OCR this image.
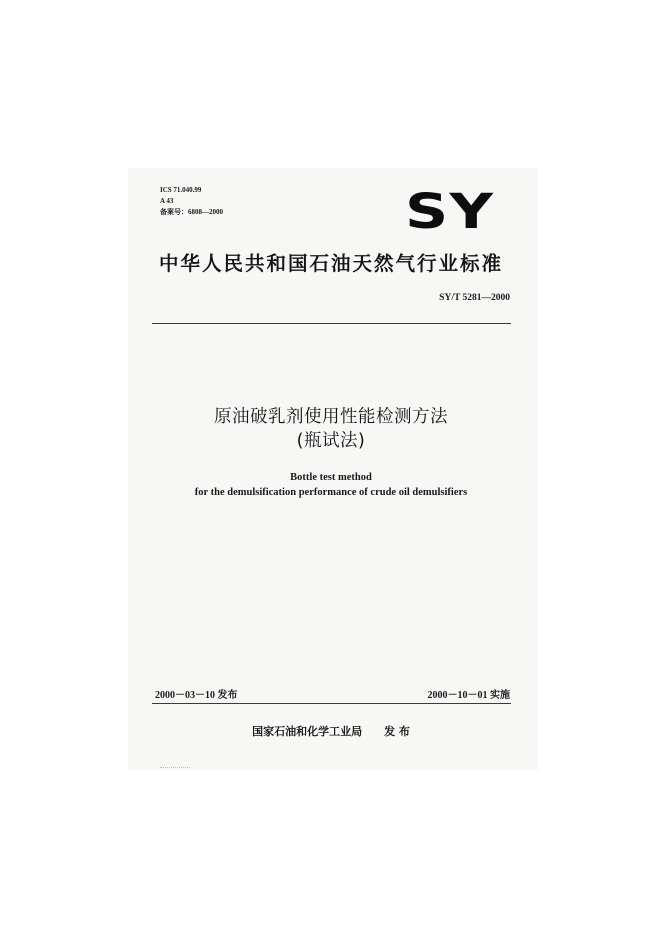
ICS 71.040.99
A 43
备案号：6808—2000	SY
中华人民共和国石油天然气行业标准
SY/T 5281—2000
原油破乳剂使用性能检测方法
(瓶试法)
Bottle test method
for the demulsification performance of crude oil demulsifiers
2000－03－10 发布	2000－10－01 实施
国家石油和化学工业局 发 布
